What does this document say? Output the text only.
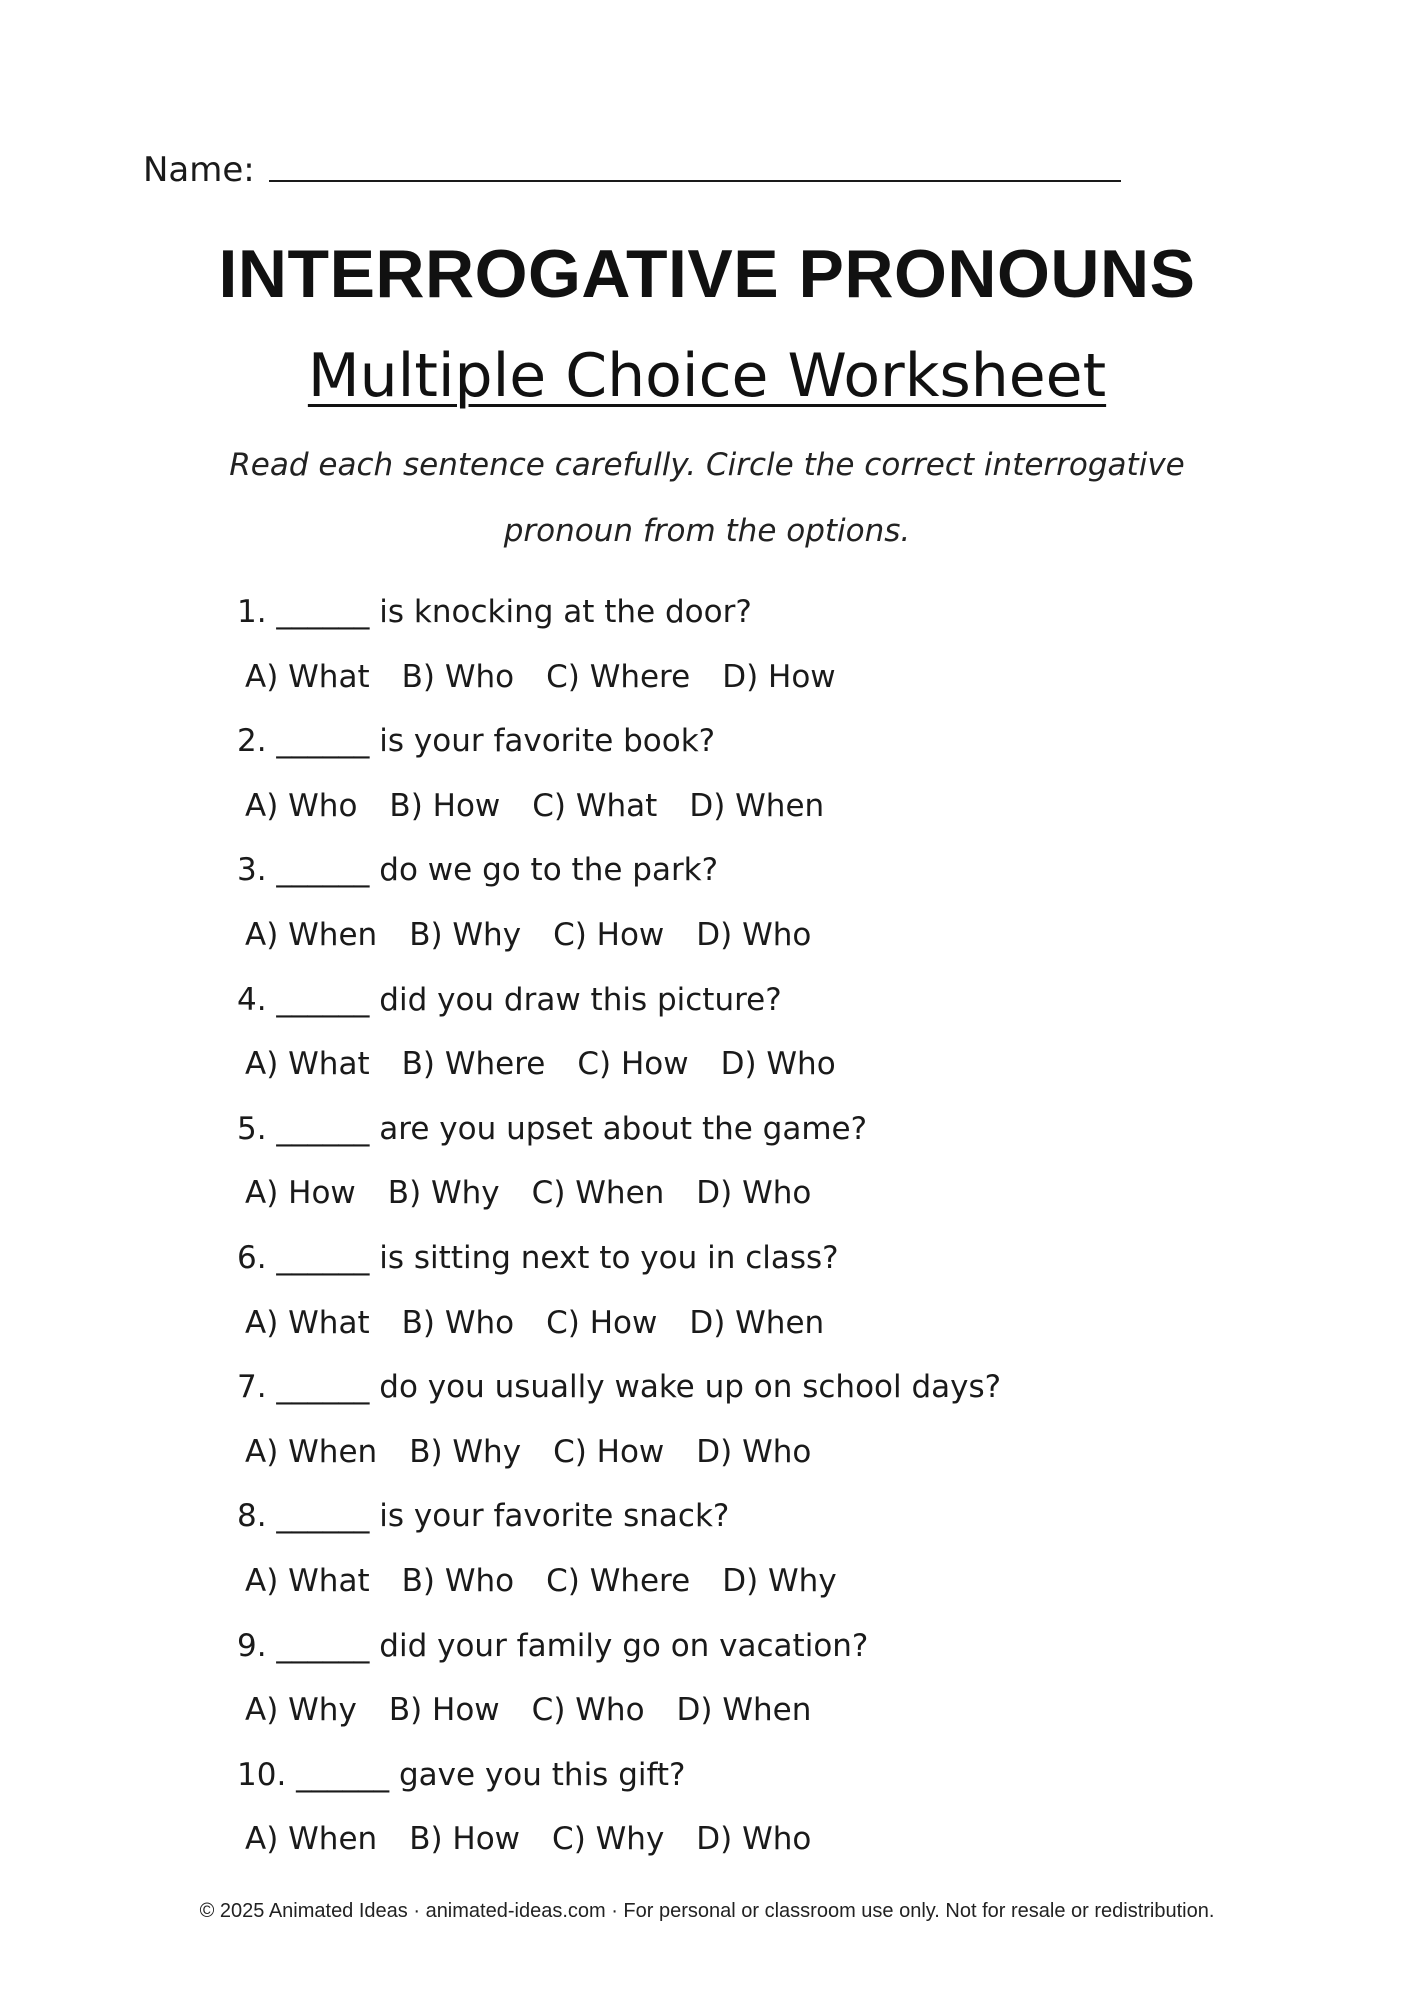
Name:
INTERROGATIVE PRONOUNS
Multiple Choice Worksheet
Read each sentence carefully. Circle the correct interrogative
pronoun from the options.
1. ______ is knocking at the door?
A) What B) Who C) Where D) How
2. ______ is your favorite book?
A) Who B) How C) What D) When
3. ______ do we go to the park?
A) When B) Why C) How D) Who
4. ______ did you draw this picture?
A) What B) Where C) How D) Who
5. ______ are you upset about the game?
A) How B) Why C) When D) Who
6. ______ is sitting next to you in class?
A) What B) Who C) How D) When
7. ______ do you usually wake up on school days?
A) When B) Why C) How D) Who
8. ______ is your favorite snack?
A) What B) Who C) Where D) Why
9. ______ did your family go on vacation?
A) Why B) How C) Who D) When
10. ______ gave you this gift?
A) When B) How C) Why D) Who
© 2025 Animated Ideas · animated-ideas.com · For personal or classroom use only. Not for resale or redistribution.
